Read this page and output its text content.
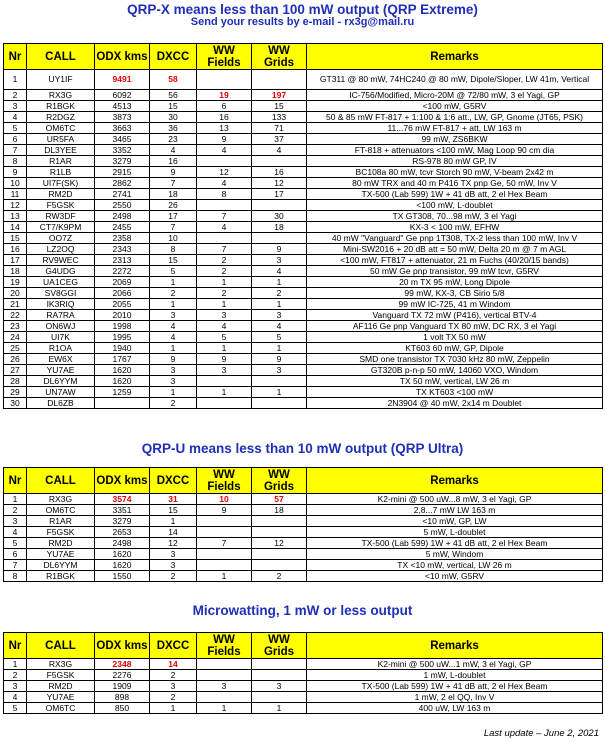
QRP-X means less than 100 mW output (QRP Extreme)
Send your results by e-mail - rx3g@mail.ru
Nr	CALL	ODX kms	DXCC	WW Fields	WW Grids	Remarks
1	UY1IF	9491	58			GT311 @ 80 mW, 74HC240 @ 80 mW, Dipole/Sloper, LW 41m, Vertical
2	RX3G	6092	56	19	197	IC-756/Modified, Micro-20M @ 72/80 mW, 3 el Yagi, GP
3	R1BGK	4513	15	6	15	<100 mW, G5RV
4	R2DGZ	3873	30	16	133	50 & 85 mW FT-817 + 1:100 & 1:6 att., LW, GP, Gnome (JT65, PSK)
5	OM6TC	3663	36	13	71	11...76 mW FT-817 + att, LW 163 m
6	UR5FA	3465	23	9	37	99 mW, ZS6BKW
7	DL3YEE	3352	4	4	4	FT-818 + attenuators <100 mW, Mag Loop 90 cm dia
8	R1AR	3279	16			RS-978 80 mW GP, IV
9	R1LB	2915	9	12	16	BC108a 80 mW, tcvr Storch 90 mW, V-beam 2x42 m
10	UI7F(SK)	2862	7	4	12	80 mW TRX and 40 m P416 TX pnp Ge, 50 mW, Inv V
11	RM2D	2741	18	8	17	TX-500 (Lab 599) 1W + 41 dB att, 2 el Hex Beam
12	F5GSK	2550	26			<100 mW, L-doublet
13	RW3DF	2498	17	7	30	TX GT308, 70...98 mW, 3 el Yagi
14	CT7/K9PM	2455	7	4	18	KX-3 < 100 mW, EFHW
15	OO7Z	2358	10			40 mW "Vanguard" Ge pnp 1T308, TX-2 less than 100 mW, Inv V
16	LZ2OQ	2343	8	7	9	Mini-SW2016 + 20 dB att = 50 mW, Delta 20 m @ 7 m AGL
17	RV9WEC	2313	15	2	3	<100 mW, FT817 + attenuator, 21 m Fuchs (40/20/15 bands)
18	G4UDG	2272	5	2	4	50 mW Ge pnp transistor, 99 mW tcvr, G5RV
19	UA1CEG	2069	1	1	1	20 m TX 95 mW, Long Dipole
20	SV8GGI	2066	2	2	2	99 mW, KX-3, CB Sirio 5/8
21	IK3RIQ	2055	1	1	1	99 mW IC-725, 41 m Windom
22	RA7RA	2010	3	3	3	Vanguard TX 72 mW (P416), vertical BTV-4
23	ON6WJ	1998	4	4	4	AF116 Ge pnp Vanguard TX 80 mW, DC RX, 3 el Yagi
24	UI7K	1995	4	5	5	1 volt TX 50 mW
25	R1OA	1940	1	1	1	KT603 60 mW, GP, Dipole
26	EW6X	1767	9	9	9	SMD one transistor TX 7030 kHz 80 mW, Zeppelin
27	YU7AE	1620	3	3	3	GT320B p-n-p 50 mW, 14060 VXO, Windom
28	DL6YYM	1620	3			TX 50 mW, vertical, LW 26 m
29	UN7AW	1259	1	1	1	TX KT603 <100 mW
30	DL6ZB		2			2N3904 @ 40 mW, 2x14 m Doublet
QRP-U means less than 10 mW output (QRP Ultra)
Nr	CALL	ODX kms	DXCC	WW Fields	WW Grids	Remarks
1	RX3G	3574	31	10	57	K2-mini @ 500 uW...8 mW, 3 el Yagi, GP
2	OM6TC	3351	15	9	18	2,8...7 mW LW 163 m
3	R1AR	3279	1			<10 mW, GP, LW
4	F5GSK	2653	14			5 mW, L-doublet
5	RM2D	2498	12	7	12	TX-500 (Lab 599) 1W + 41 dB att, 2 el Hex Beam
6	YU7AE	1620	3			5 mW, Windom
7	DL6YYM	1620	3			TX <10 mW, vertical, LW 26 m
8	R1BGK	1550	2	1	2	<10 mW, G5RV
Microwatting, 1 mW or less output
Nr	CALL	ODX kms	DXCC	WW Fields	WW Grids	Remarks
1	RX3G	2348	14			K2-mini @ 500 uW...1 mW, 3 el Yagi, GP
2	F5GSK	2276	2			1 mW, L-doublet
3	RM2D	1909	3	3	3	TX-500 (Lab 599) 1W + 41 dB att, 2 el Hex Beam
4	YU7AE	898	2			1 mW, 2 el QQ, Inv V
5	OM6TC	850	1	1	1	400 uW, LW 163 m
Last update – June 2, 2021
